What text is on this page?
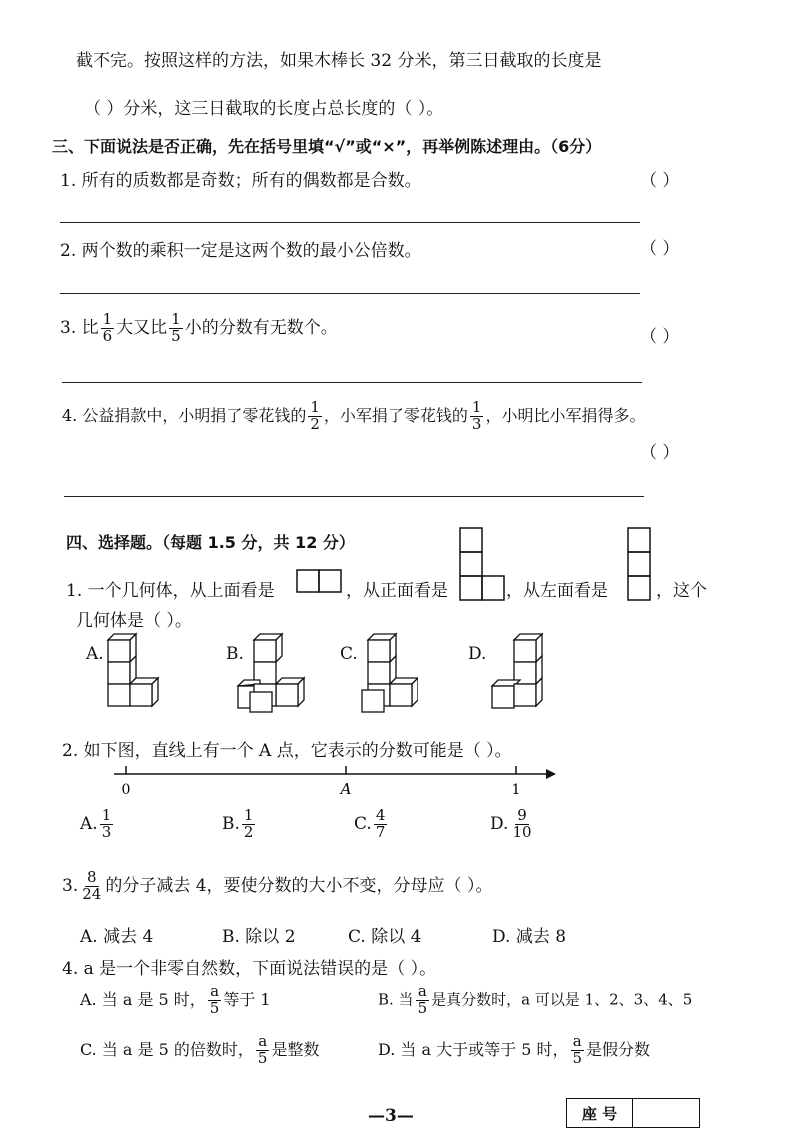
截不完。按照这样的方法，如果木棒长 32 分米，第三日截取的长度是
（ ）分米，这三日截取的长度占总长度的（ ）。
三、下面说法是否正确，先在括号里填“√”或“×”，再举例陈述理由。（6分）
1. 所有的质数都是奇数；所有的偶数都是合数。	（ ）
2. 两个数的乘积一定是这两个数的最小公倍数。	（ ）
3. 比 $\frac{1}{6}$ 大又比 $\frac{1}{5}$ 小的分数有无数个。	（ ）
4. 公益捐款中，小明捐了零花钱的 $\frac{1}{2}$ ，小军捐了零花钱的 $\frac{1}{3}$ ，小明比小军捐得多。
（ ）
四、选择题。（每题 1.5 分，共 12 分）
1. 一个几何体，从上面看是	，从正面看是	，从左面看是	，这个
几何体是（ ）。
A.	B.	C.	D.
2. 如下图，直线上有一个 A 点，它表示的分数可能是（ ）。
0	A	1
A. $\frac{1}{3}$	B. $\frac{1}{2}$	C. $\frac{4}{7}$	D. $\frac{9}{10}$
3. $\frac{8}{24}$ 的分子减去 4，要使分数的大小不变，分母应（ ）。
A. 减去 4	B. 除以 2	C. 除以 4	D. 减去 8
4. a 是一个非零自然数，下面说法错误的是（ ）。
A. 当 a 是 5 时， $\frac{a}{5}$ 等于 1	B. 当 $\frac{a}{5}$ 是真分数时，a 可以是 1、2、3、4、5
C. 当 a 是 5 的倍数时， $\frac{a}{5}$ 是整数	D. 当 a 大于或等于 5 时， $\frac{a}{5}$ 是假分数
—3—	座 号
